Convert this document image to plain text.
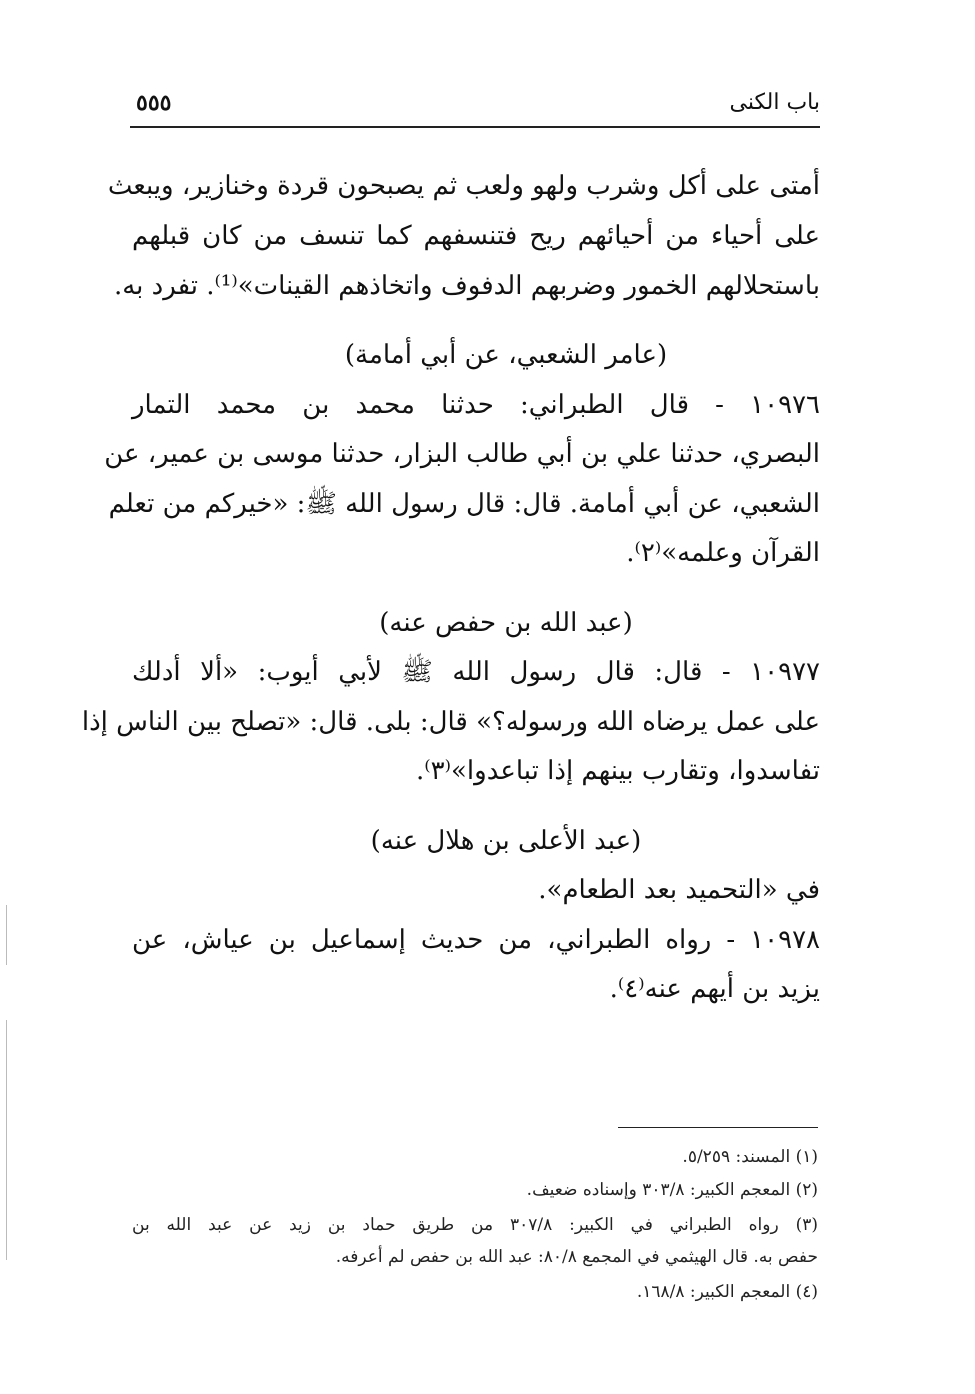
باب الكنى
٥٥٥
أمتى على أكل وشرب ولهو ولعب ثم يصبحون قردة وخنازير، ويبعث
على أحياء من أحيائهم ريح فتنسفهم كما تنسف من كان قبلهم
باستحلالهم الخمور وضربهم الدفوف واتخاذهم القينات»⁽¹⁾. تفرد به.
(عامر الشعبي، عن أبي أمامة)
١٠٩٧٦ - قال الطبراني: حدثنا محمد بن محمد التمار
البصري، حدثنا علي بن أبي طالب البزار، حدثنا موسى بن عمير، عن
الشعبي، عن أبي أمامة. قال: قال رسول الله ﷺ: «خيركم من تعلم
القرآن وعلمه»⁽٢⁾.
(عبد الله بن حفص عنه)
١٠٩٧٧ - قال: قال رسول الله ﷺ لأبي أيوب: «ألا أدلك
على عمل يرضاه الله ورسوله؟» قال: بلى. قال: «تصلح بين الناس إذا
تفاسدوا، وتقارب بينهم إذا تباعدوا»⁽٣⁾.
(عبد الأعلى بن هلال عنه)
في «التحميد بعد الطعام».
١٠٩٧٨ - رواه الطبراني، من حديث إسماعيل بن عياش، عن
يزيد بن أيهم عنه⁽٤⁾.
(١) المسند: ٥/٢٥٩.
(٢) المعجم الكبير: ٣٠٣/٨ وإسناده ضعيف.
(٣) رواه الطبراني في الكبير: ٣٠٧/٨ من طريق حماد بن زيد عن عبد الله بن
حفص به. قال الهيثمي في المجمع ٨٠/٨: عبد الله بن حفص لم أعرفه.
(٤) المعجم الكبير: ١٦٨/٨.
